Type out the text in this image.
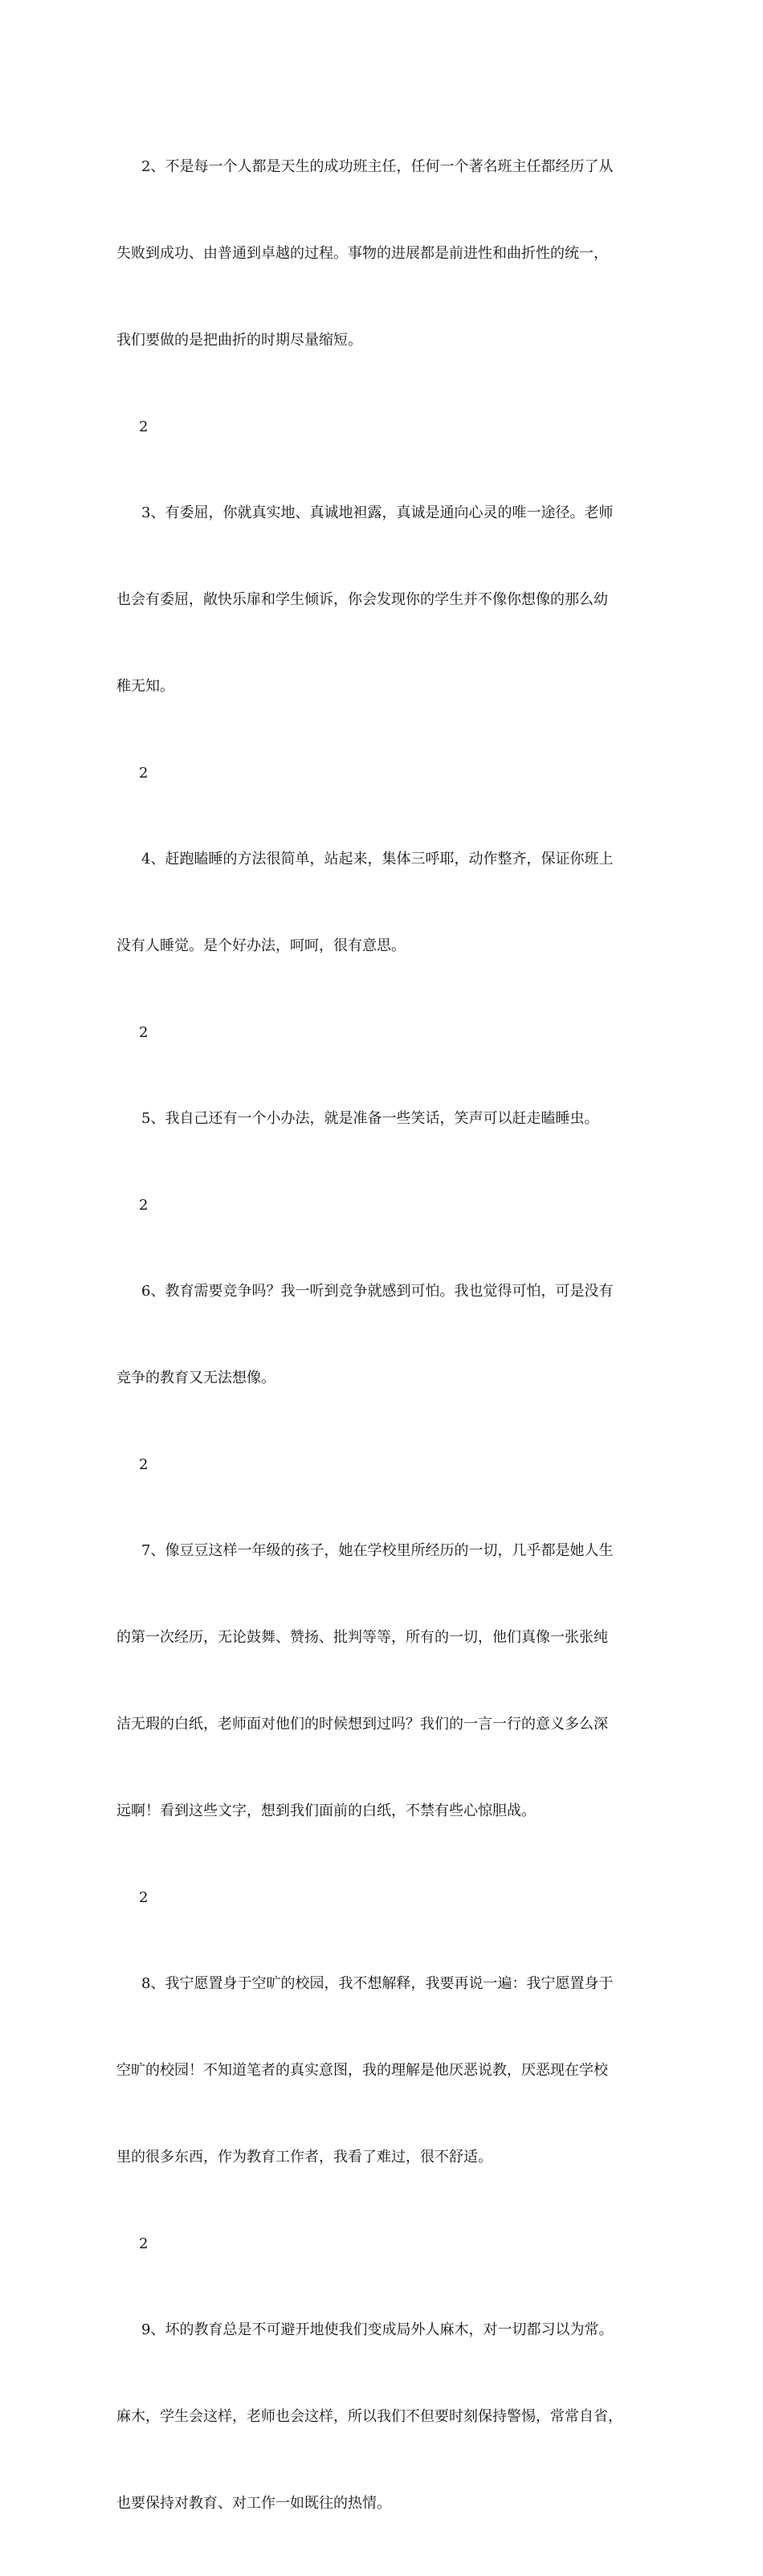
2、不是每一个人都是天生的成功班主任，任何一个著名班主任都经历了从

失败到成功、由普通到卓越的过程。事物的进展都是前进性和曲折性的统一，

我们要做的是把曲折的时期尽量缩短。

2

3、有委屈，你就真实地、真诚地袒露，真诚是通向心灵的唯一途径。老师

也会有委屈，敞快乐扉和学生倾诉，你会发现你的学生并不像你想像的那么幼

稚无知。

2

4、赶跑瞌睡的方法很简单，站起来，集体三呼耶，动作整齐，保证你班上

没有人睡觉。是个好办法，呵呵，很有意思。

2

5、我自己还有一个小办法，就是准备一些笑话，笑声可以赶走瞌睡虫。

2

6、教育需要竞争吗？我一听到竞争就感到可怕。我也觉得可怕，可是没有

竞争的教育又无法想像。

2

7、像豆豆这样一年级的孩子，她在学校里所经历的一切，几乎都是她人生

的第一次经历，无论鼓舞、赞扬、批判等等，所有的一切，他们真像一张张纯

洁无瑕的白纸，老师面对他们的时候想到过吗？我们的一言一行的意义多么深

远啊！看到这些文字，想到我们面前的白纸，不禁有些心惊胆战。

2

8、我宁愿置身于空旷的校园，我不想解释，我要再说一遍：我宁愿置身于

空旷的校园！不知道笔者的真实意图，我的理解是他厌恶说教，厌恶现在学校

里的很多东西，作为教育工作者，我看了难过，很不舒适。

2

9、坏的教育总是不可避开地使我们变成局外人麻木，对一切都习以为常。

麻木，学生会这样，老师也会这样，所以我们不但要时刻保持警惕，常常自省，

也要保持对教育、对工作一如既往的热情。
